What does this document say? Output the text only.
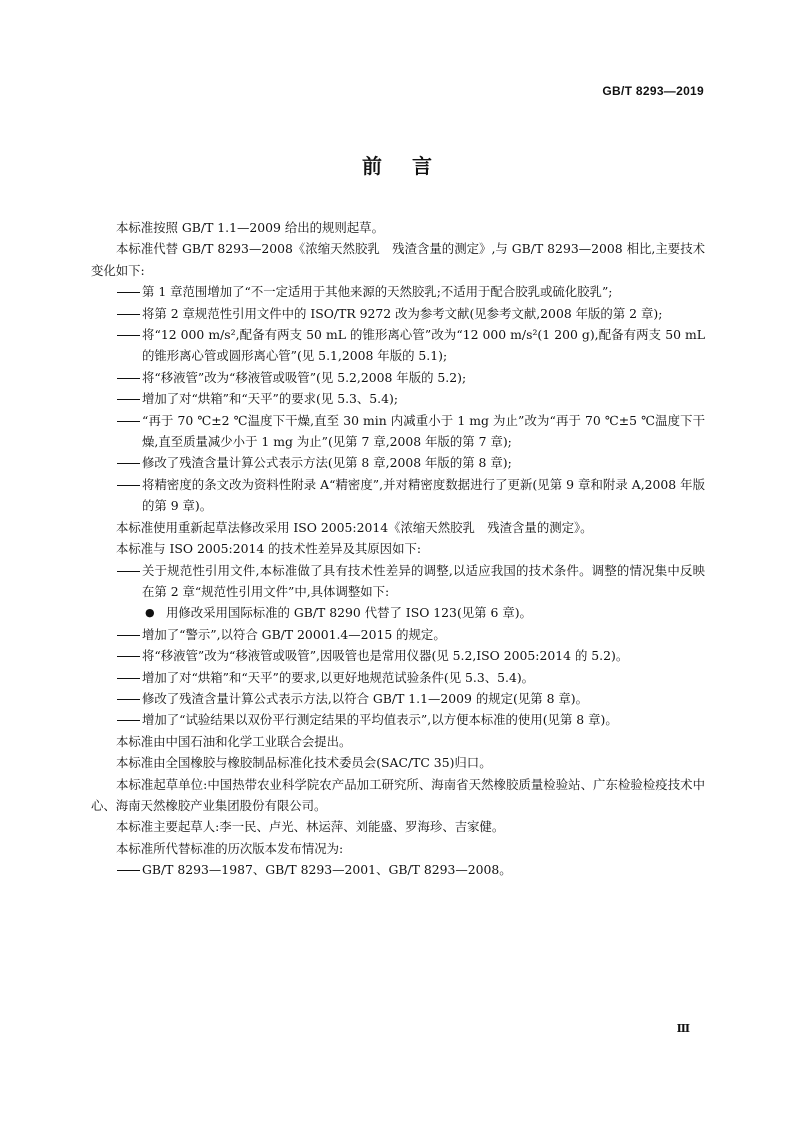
GB/T 8293—2019
前言

本标准按照 GB/T 1.1—2009 给出的规则起草。

本标准代替 GB/T 8293—2008《浓缩天然胶乳　残渣含量的测定》,与 GB/T 8293—2008 相比,主要技术变化如下:

第 1 章范围增加了“不一定适用于其他来源的天然胶乳;不适用于配合胶乳或硫化胶乳”;

将第 2 章规范性引用文件中的 ISO/TR 9272 改为参考文献(见参考文献,2008 年版的第 2 章);

将“12 000 m/s²,配备有两支 50 mL 的锥形离心管”改为“12 000 m/s²(1 200 g),配备有两支 50 mL 的锥形离心管或圆形离心管”(见 5.1,2008 年版的 5.1);

将“移液管”改为“移液管或吸管”(见 5.2,2008 年版的 5.2);

增加了对“烘箱”和“天平”的要求(见 5.3、5.4);

“再于 70 ℃±2 ℃温度下干燥,直至 30 min 内减重小于 1 mg 为止”改为“再于 70 ℃±5 ℃温度下干燥,直至质量减少小于 1 mg 为止”(见第 7 章,2008 年版的第 7 章);

修改了残渣含量计算公式表示方法(见第 8 章,2008 年版的第 8 章);

将精密度的条文改为资料性附录 A“精密度”,并对精密度数据进行了更新(见第 9 章和附录 A,2008 年版的第 9 章)。

本标准使用重新起草法修改采用 ISO 2005:2014《浓缩天然胶乳　残渣含量的测定》。

本标准与 ISO 2005:2014 的技术性差异及其原因如下:

关于规范性引用文件,本标准做了具有技术性差异的调整,以适应我国的技术条件。调整的情况集中反映在第 2 章“规范性引用文件”中,具体调整如下:

● 用修改采用国际标准的 GB/T 8290 代替了 ISO 123(见第 6 章)。

增加了“警示”,以符合 GB/T 20001.4—2015 的规定。

将“移液管”改为“移液管或吸管”,因吸管也是常用仪器(见 5.2,ISO 2005:2014 的 5.2)。

增加了对“烘箱”和“天平”的要求,以更好地规范试验条件(见 5.3、5.4)。

修改了残渣含量计算公式表示方法,以符合 GB/T 1.1—2009 的规定(见第 8 章)。

增加了“试验结果以双份平行测定结果的平均值表示”,以方便本标准的使用(见第 8 章)。

本标准由中国石油和化学工业联合会提出。

本标准由全国橡胶与橡胶制品标准化技术委员会(SAC/TC 35)归口。

本标准起草单位:中国热带农业科学院农产品加工研究所、海南省天然橡胶质量检验站、广东检验检疫技术中心、海南天然橡胶产业集团股份有限公司。

本标准主要起草人:李一民、卢光、林运萍、刘能盛、罗海珍、吉家健。

本标准所代替标准的历次版本发布情况为:

GB/T 8293—1987、GB/T 8293—2001、GB/T 8293—2008。

Ⅲ
